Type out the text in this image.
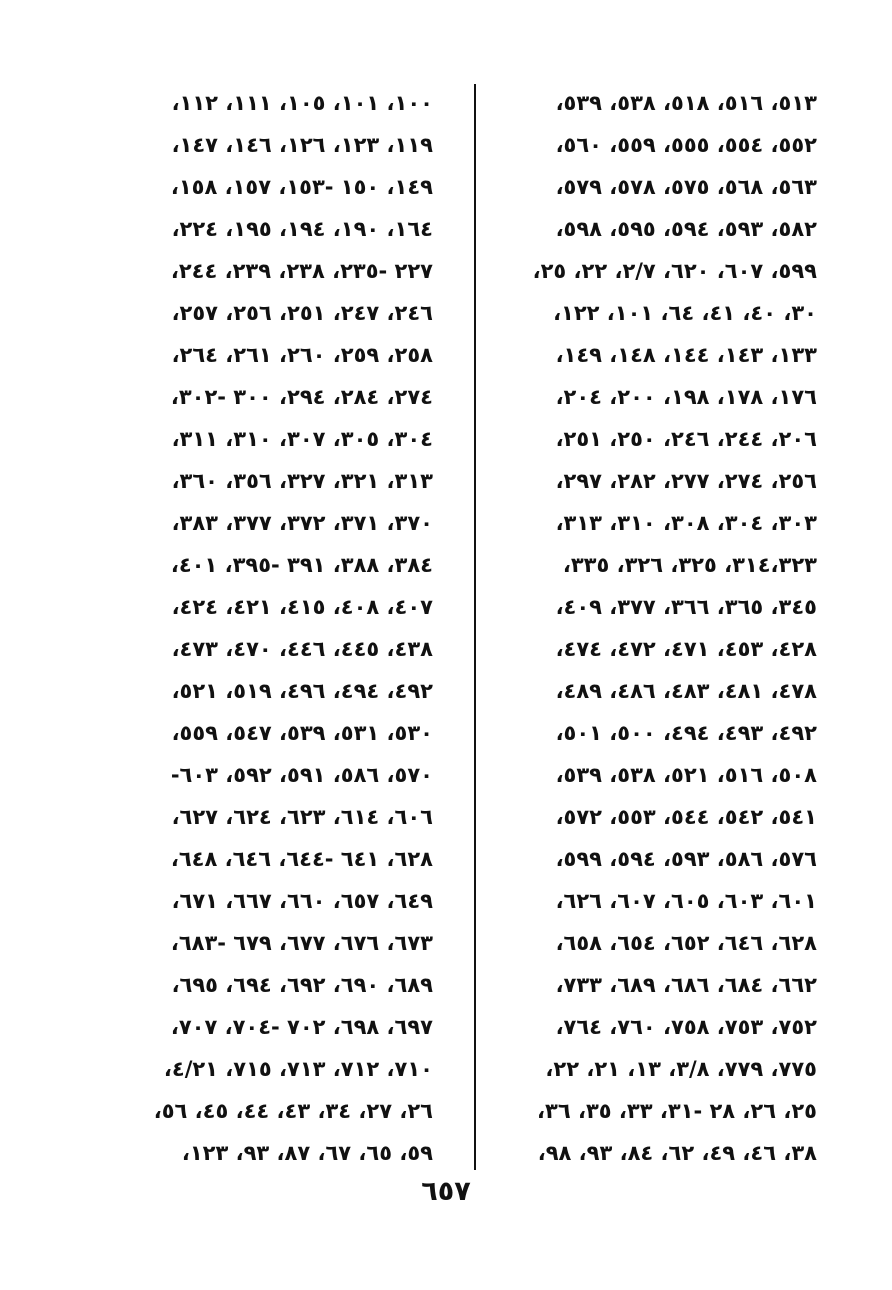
٥١٣، ٥١٦، ٥١٨، ٥٣٨، ٥٣٩،
٥٥٢، ٥٥٤، ٥٥٥، ٥٥٩، ٥٦٠،
٥٦٣، ٥٦٨، ٥٧٥، ٥٧٨، ٥٧٩،
٥٨٢، ٥٩٣، ٥٩٤، ٥٩٥، ٥٩٨،
٥٩٩، ٦٠٧، ٦٢٠، ٢/٧، ٢٢، ٢٥،
٣٠، ٤٠، ٤١، ٦٤، ١٠١، ١٢٢،
١٣٣، ١٤٣، ١٤٤، ١٤٨، ١٤٩،
١٧٦، ١٧٨، ١٩٨، ٢٠٠، ٢٠٤،
٢٠٦، ٢٤٤، ٢٤٦، ٢٥٠، ٢٥١،
٢٥٦، ٢٧٤، ٢٧٧، ٢٨٢، ٢٩٧،
٣٠٣، ٣٠٤، ٣٠٨، ٣١٠، ٣١٣،
٣١٤،٣٢٣، ٣٢٥، ٣٢٦، ٣٣٥،
٣٤٥، ٣٦٥، ٣٦٦، ٣٧٧، ٤٠٩،
٤٢٨، ٤٥٣، ٤٧١، ٤٧٢، ٤٧٤،
٤٧٨، ٤٨١، ٤٨٣، ٤٨٦، ٤٨٩،
٤٩٢، ٤٩٣، ٤٩٤، ٥٠٠، ٥٠١،
٥٠٨، ٥١٦، ٥٢١، ٥٣٨، ٥٣٩،
٥٤١، ٥٤٢، ٥٤٤، ٥٥٣، ٥٧٢،
٥٧٦، ٥٨٦، ٥٩٣، ٥٩٤، ٥٩٩،
٦٠١، ٦٠٣، ٦٠٥، ٦٠٧، ٦٢٦،
٦٢٨، ٦٤٦، ٦٥٢، ٦٥٤، ٦٥٨،
٦٦٢، ٦٨٤، ٦٨٦، ٦٨٩، ٧٣٣،
٧٥٢، ٧٥٣، ٧٥٨، ٧٦٠، ٧٦٤،
٧٧٥، ٧٧٩، ٣/٨، ١٣، ٢١، ٢٢،
٢٥، ٢٦، ٢٨ -٣١، ٣٣، ٣٥، ٣٦،
٣٨، ٤٦، ٤٩، ٦٢، ٨٤، ٩٣، ٩٨،
١٠٠، ١٠١، ١٠٥، ١١١، ١١٢،
١١٩، ١٢٣، ١٢٦، ١٤٦، ١٤٧،
١٤٩، ١٥٠ -١٥٣، ١٥٧، ١٥٨،
١٦٤، ١٩٠، ١٩٤، ١٩٥، ٢٢٤،
٢٢٧ -٢٣٥، ٢٣٨، ٢٣٩، ٢٤٤،
٢٤٦، ٢٤٧، ٢٥١، ٢٥٦، ٢٥٧،
٢٥٨، ٢٥٩، ٢٦٠، ٢٦١، ٢٦٤،
٢٧٤، ٢٨٤، ٢٩٤، ٣٠٠ -٣٠٢،
٣٠٤، ٣٠٥، ٣٠٧، ٣١٠، ٣١١،
٣١٣، ٣٢١، ٣٢٧، ٣٥٦، ٣٦٠،
٣٧٠، ٣٧١، ٣٧٢، ٣٧٧، ٣٨٣،
٣٨٤، ٣٨٨، ٣٩١ -٣٩٥، ٤٠١،
٤٠٧، ٤٠٨، ٤١٥، ٤٢١، ٤٢٤،
٤٣٨، ٤٤٥، ٤٤٦، ٤٧٠، ٤٧٣،
٤٩٢، ٤٩٤، ٤٩٦، ٥١٩، ٥٢١،
٥٣٠، ٥٣١، ٥٣٩، ٥٤٧، ٥٥٩،
٥٧٠، ٥٨٦، ٥٩١، ٥٩٢، ٦٠٣-
٦٠٦، ٦١٤، ٦٢٣، ٦٢٤، ٦٢٧،
٦٢٨، ٦٤١ -٦٤٤، ٦٤٦، ٦٤٨،
٦٤٩، ٦٥٧، ٦٦٠، ٦٦٧، ٦٧١،
٦٧٣، ٦٧٦، ٦٧٧، ٦٧٩ -٦٨٣،
٦٨٩، ٦٩٠، ٦٩٢، ٦٩٤، ٦٩٥،
٦٩٧، ٦٩٨، ٧٠٢ -٧٠٤، ٧٠٧،
٧١٠، ٧١٢، ٧١٣، ٧١٥، ٤/٢١،
٢٦، ٢٧، ٣٤، ٤٣، ٤٤، ٤٥، ٥٦،
٥٩، ٦٥، ٦٧، ٨٧، ٩٣، ١٢٣،
٦٥٧
